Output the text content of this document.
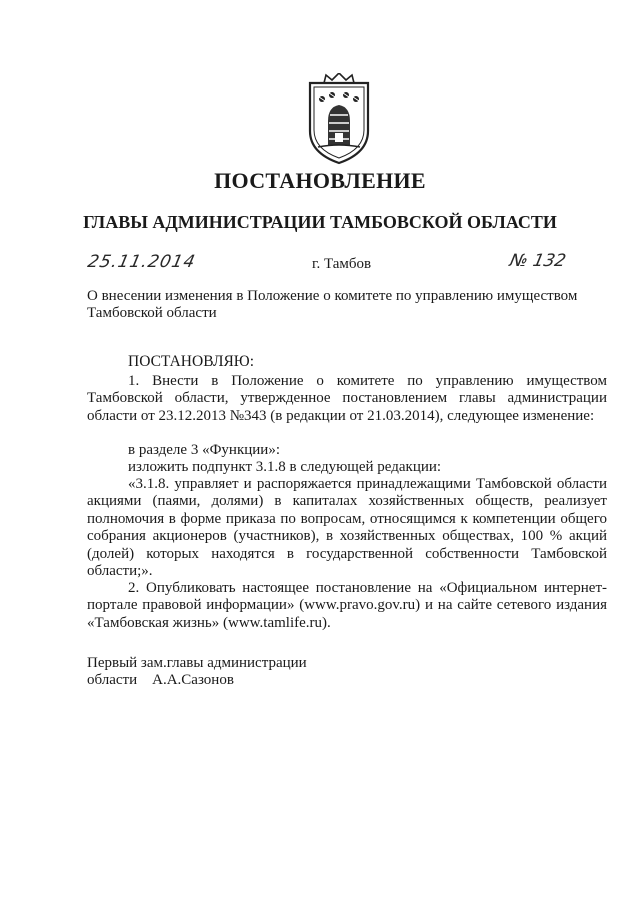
ПОСТАНОВЛЕНИЕ
ГЛАВЫ АДМИНИСТРАЦИИ ТАМБОВСКОЙ ОБЛАСТИ
25.11.2014	г. Тамбов	№ 132
О внесении изменения в Положение о комитете по управлению имуществом Тамбовской области
ПОСТАНОВЛЯЮ:

1. Внести в Положение о комитете по управлению имуществом Тамбовской области, утвержденное постановлением главы администрации области от 23.12.2013 №343 (в редакции от 21.03.2014), следующее изменение:

в разделе 3 «Функции»:

изложить подпункт 3.1.8 в следующей редакции:

«3.1.8. управляет и распоряжается принадлежащими Тамбовской области акциями (паями, долями) в капиталах хозяйственных обществ, реализует полномочия в форме приказа по вопросам, относящимся к компетенции общего собрания акционеров (участников), в хозяйственных обществах, 100 % акций (долей) которых находятся в государственной собственности Тамбовской области;».

2. Опубликовать настоящее постановление на «Официальном интернет-портале правовой информации» (www.pravo.gov.ru) и на сайте сетевого издания «Тамбовская жизнь» (www.tamlife.ru).

Первый зам.главы администрации
области    А.А.Сазонов
